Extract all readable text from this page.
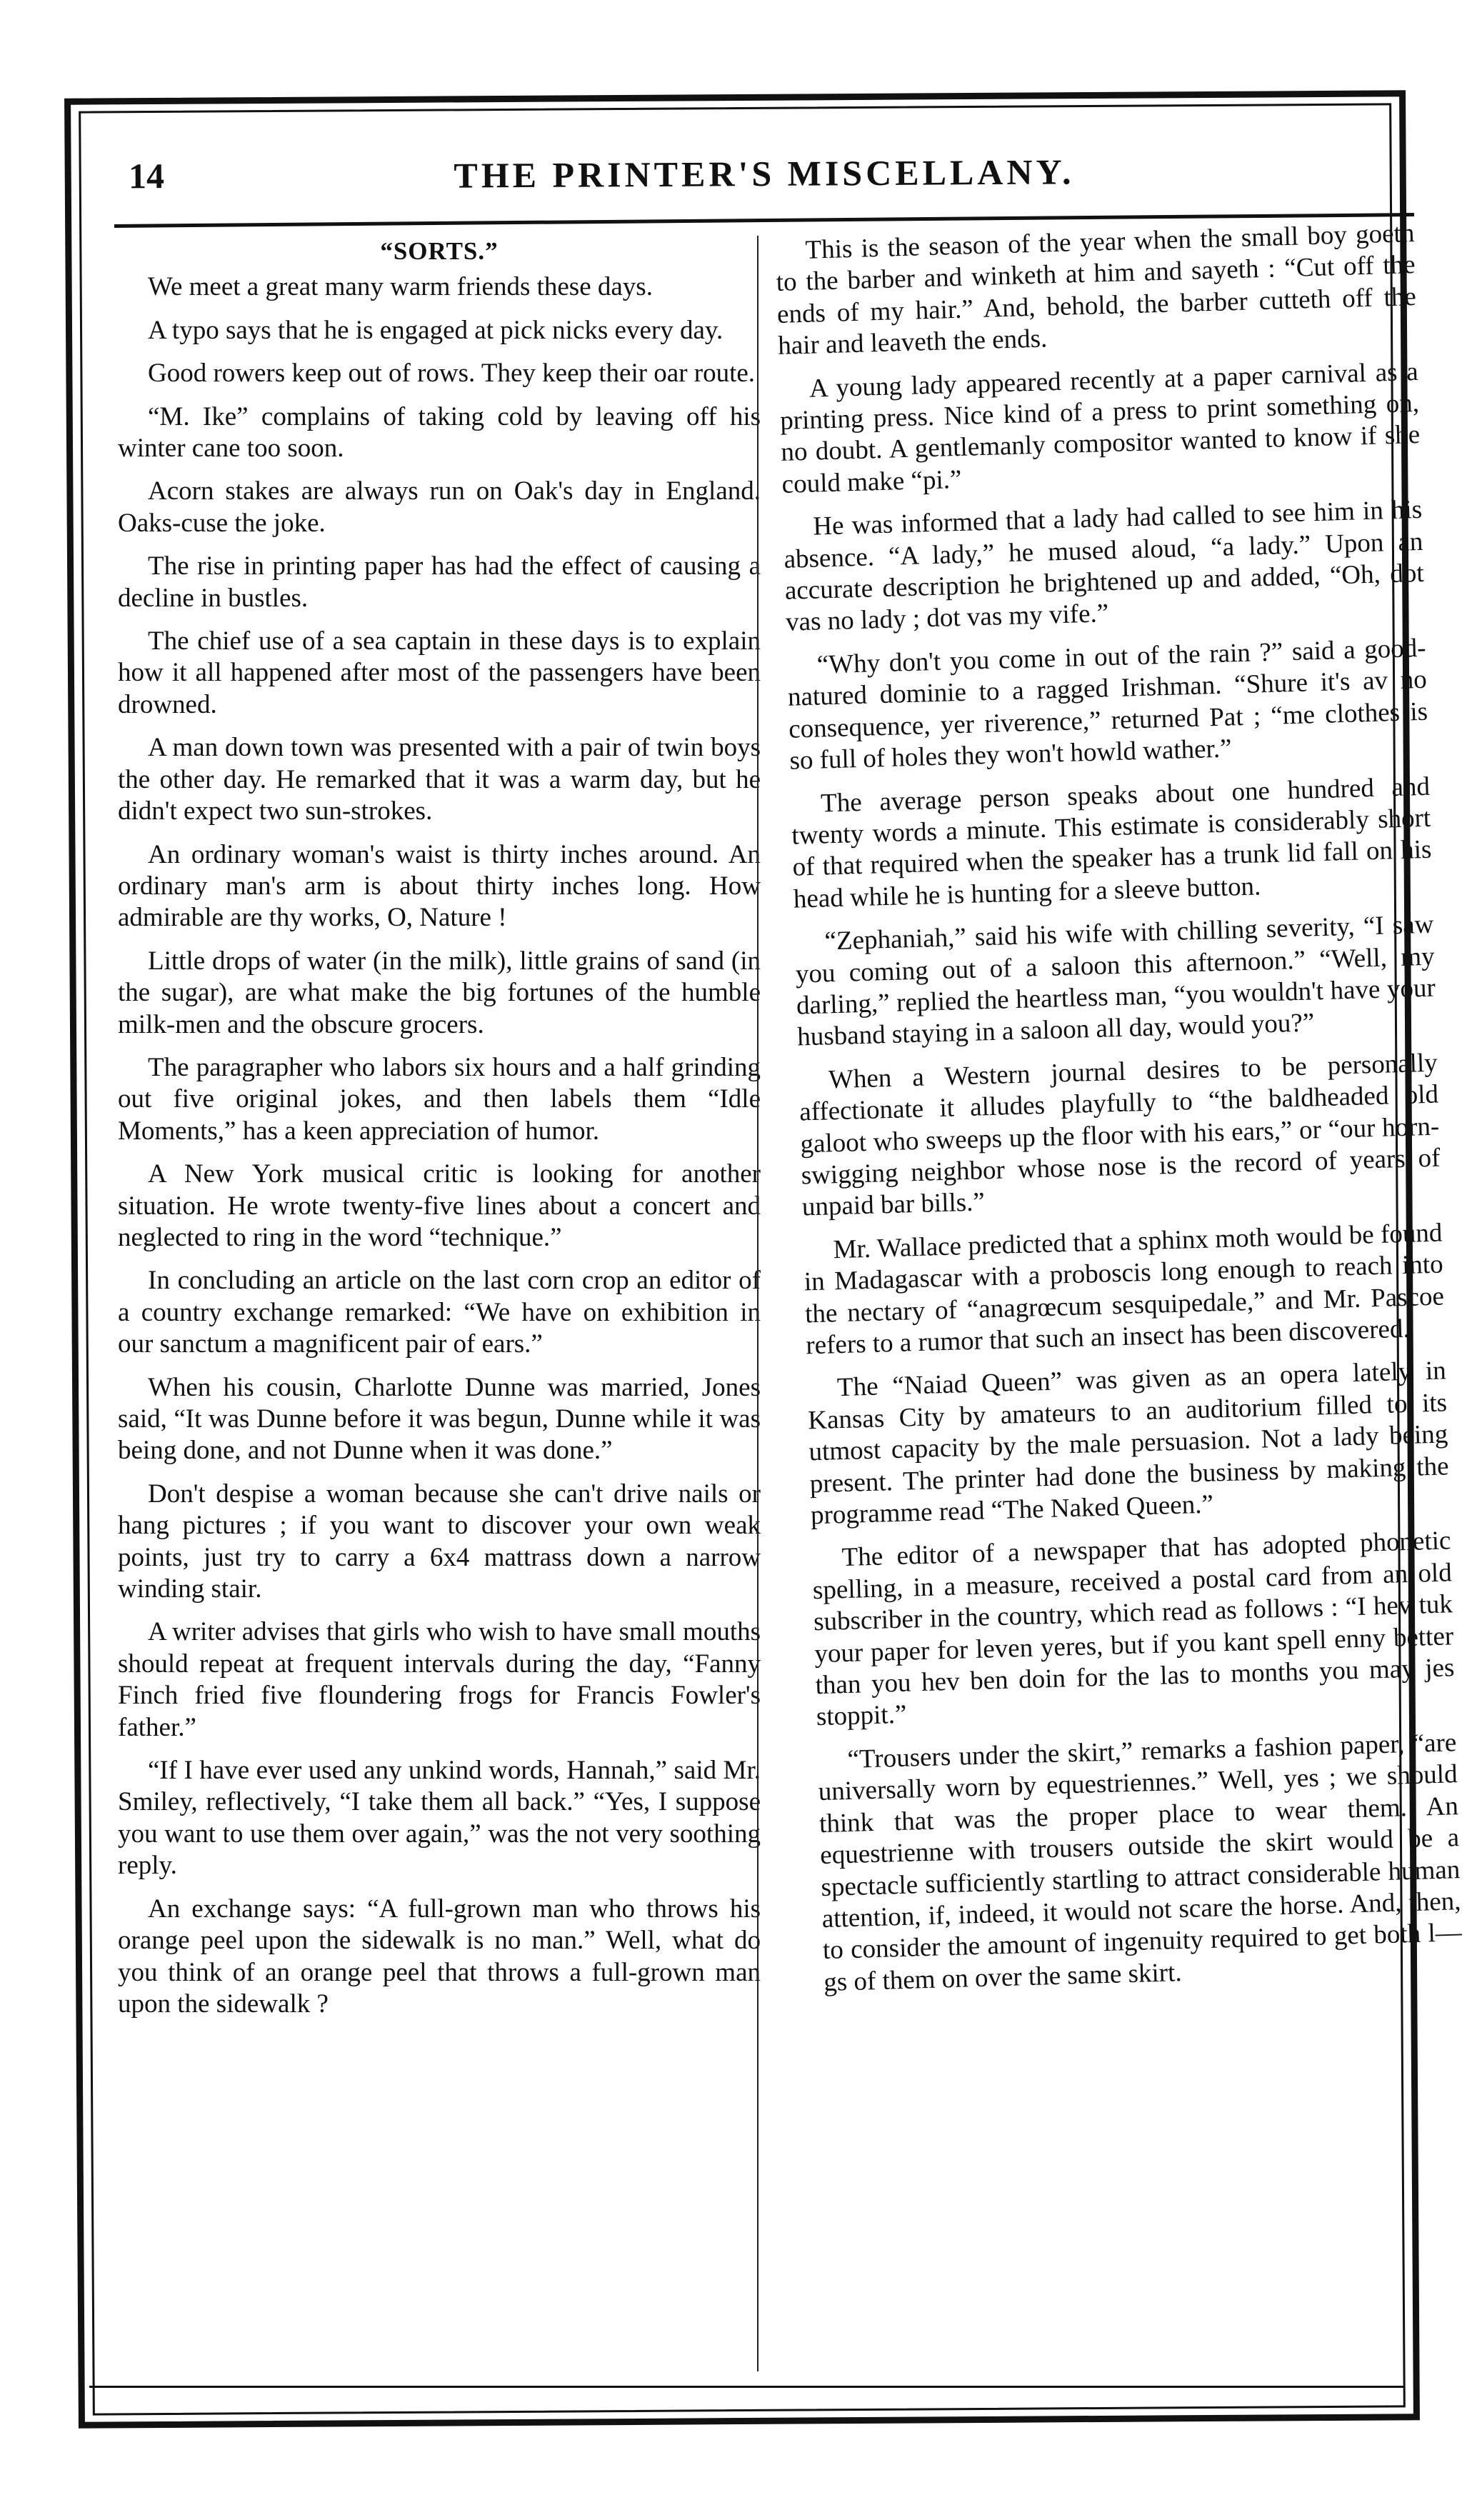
14	THE PRINTER'S MISCELLANY.
“SORTS.”

We meet a great many warm friends these days.

A typo says that he is engaged at pick nicks every day.

Good rowers keep out of rows. They keep their oar route.

“M. Ike” complains of taking cold by leaving off his winter cane too soon.

Acorn stakes are always run on Oak's day in England. Oaks-cuse the joke.

The rise in printing paper has had the effect of causing a decline in bustles.

The chief use of a sea captain in these days is to explain how it all happened after most of the passengers have been drowned.

A man down town was presented with a pair of twin boys the other day. He remarked that it was a warm day, but he didn't expect two sun-strokes.

An ordinary woman's waist is thirty inches around. An ordinary man's arm is about thirty inches long. How admirable are thy works, O, Nature !

Little drops of water (in the milk), little grains of sand (in the sugar), are what make the big fortunes of the humble milk-men and the obscure grocers.

The paragrapher who labors six hours and a half grinding out five original jokes, and then labels them “Idle Moments,” has a keen appreciation of humor.

A New York musical critic is looking for another situation. He wrote twenty-five lines about a concert and neglected to ring in the word “technique.”

In concluding an article on the last corn crop an editor of a country exchange remarked: “We have on exhibition in our sanctum a magnificent pair of ears.”

When his cousin, Charlotte Dunne was married, Jones said, “It was Dunne before it was begun, Dunne while it was being done, and not Dunne when it was done.”

Don't despise a woman because she can't drive nails or hang pictures ; if you want to discover your own weak points, just try to carry a 6x4 mattrass down a narrow winding stair.

A writer advises that girls who wish to have small mouths should repeat at frequent intervals during the day, “Fanny Finch fried five floundering frogs for Francis Fowler's father.”

“If I have ever used any unkind words, Hannah,” said Mr. Smiley, reflectively, “I take them all back.” “Yes, I suppose you want to use them over again,” was the not very soothing reply.

An exchange says: “A full-grown man who throws his orange peel upon the sidewalk is no man.” Well, what do you think of an orange peel that throws a full-grown man upon the sidewalk ?

This is the season of the year when the small boy goeth to the barber and winketh at him and sayeth : “Cut off the ends of my hair.” And, behold, the barber cutteth off the hair and leaveth the ends.

A young lady appeared recently at a paper carnival as a printing press. Nice kind of a press to print something on, no doubt. A gentlemanly compositor wanted to know if she could make “pi.”

He was informed that a lady had called to see him in his absence. “A lady,” he mused aloud, “a lady.” Upon an accurate description he brightened up and added, “Oh, dot vas no lady ; dot vas my vife.”

“Why don't you come in out of the rain ?” said a good-natured dominie to a ragged Irishman. “Shure it's av no consequence, yer riverence,” returned Pat ; “me clothes is so full of holes they won't howld wather.”

The average person speaks about one hundred and twenty words a minute. This estimate is considerably short of that required when the speaker has a trunk lid fall on his head while he is hunting for a sleeve button.

“Zephaniah,” said his wife with chilling severity, “I saw you coming out of a saloon this afternoon.” “Well, my darling,” replied the heartless man, “you wouldn't have your husband staying in a saloon all day, would you?”

When a Western journal desires to be personally affectionate it alludes playfully to “the baldheaded old galoot who sweeps up the floor with his ears,” or “our horn-swigging neighbor whose nose is the record of years of unpaid bar bills.”

Mr. Wallace predicted that a sphinx moth would be found in Madagascar with a proboscis long enough to reach into the nectary of “anagrœcum sesquipedale,” and Mr. Pascoe refers to a rumor that such an insect has been discovered.

The “Naiad Queen” was given as an opera lately in Kansas City by amateurs to an auditorium filled to its utmost capacity by the male persuasion. Not a lady being present. The printer had done the business by making the programme read “The Naked Queen.”

The editor of a newspaper that has adopted phonetic spelling, in a measure, received a postal card from an old subscriber in the country, which read as follows : “I hev tuk your paper for leven yeres, but if you kant spell enny better than you hev ben doin for the las to months you may jes stoppit.”

“Trousers under the skirt,” remarks a fashion paper, “are universally worn by equestriennes.” Well, yes ; we should think that was the proper place to wear them. An equestrienne with trousers outside the skirt would be a spectacle sufficiently startling to attract considerable human attention, if, indeed, it would not scare the horse. And, then, to consider the amount of ingenuity required to get both l—gs of them on over the same skirt.
